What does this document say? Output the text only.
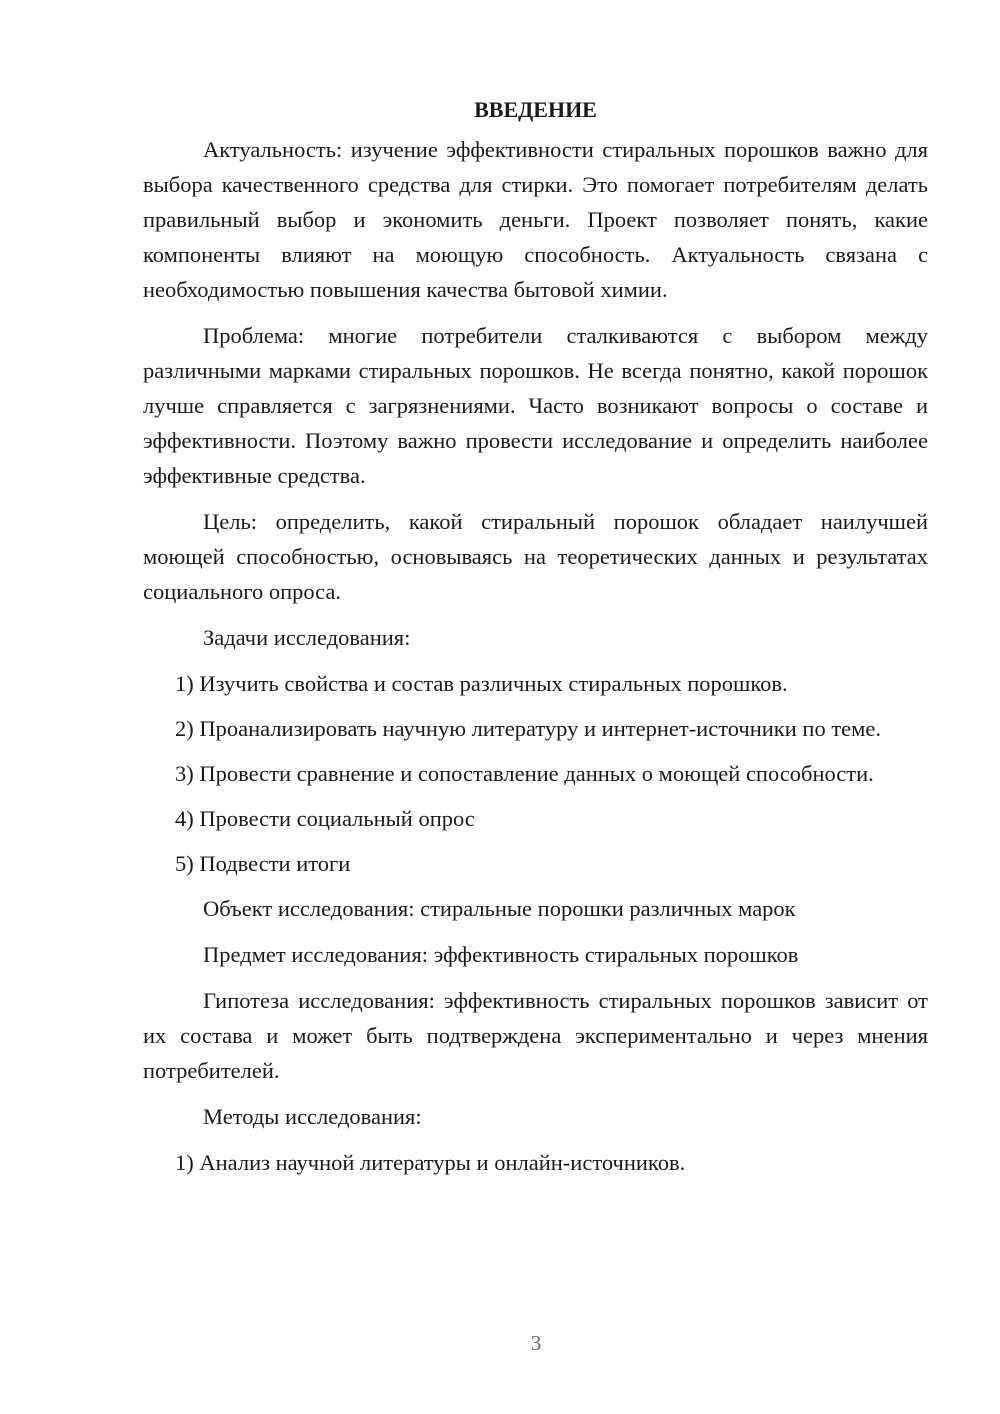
ВВЕДЕНИЕ

Актуальность: изучение эффективности стиральных порошков важно для выбора качественного средства для стирки. Это помогает потребителям делать правильный выбор и экономить деньги. Проект позволяет понять, какие компоненты влияют на моющую способность. Актуальность связана с необходимостью повышения качества бытовой химии.

Проблема: многие потребители сталкиваются с выбором между различными марками стиральных порошков. Не всегда понятно, какой порошок лучше справляется с загрязнениями. Часто возникают вопросы о составе и эффективности. Поэтому важно провести исследование и определить наиболее эффективные средства.

Цель: определить, какой стиральный порошок обладает наилучшей моющей способностью, основываясь на теоретических данных и результатах социального опроса.

Задачи исследования:

1) Изучить свойства и состав различных стиральных порошков.

2) Проанализировать научную литературу и интернет-источники по теме.

3) Провести сравнение и сопоставление данных о моющей способности.

4) Провести социальный опрос

5) Подвести итоги

Объект исследования: стиральные порошки различных марок

Предмет исследования: эффективность стиральных порошков

Гипотеза исследования: эффективность стиральных порошков зависит от их состава и может быть подтверждена экспериментально и через мнения потребителей.

Методы исследования:

1) Анализ научной литературы и онлайн-источников.

3
